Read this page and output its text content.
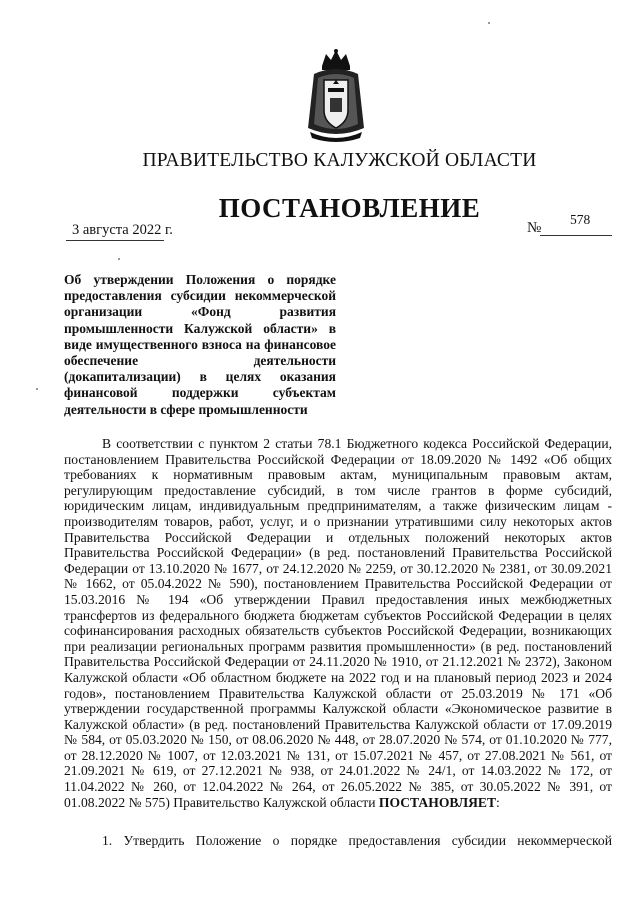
ПРАВИТЕЛЬСТВО КАЛУЖСКОЙ ОБЛАСТИ
ПОСТАНОВЛЕНИЕ
3 августа 2022 г.	№
578
Об утверждении Положения о порядке предоставления субсидии некоммерческой организации «Фонд развития промышленности Калужской области» в виде имущественного взноса на финансовое обеспечение деятельности (докапитализации) в целях оказания финансовой поддержки субъектам деятельности в сфере промышленности

В соответствии с пунктом 2 статьи 78.1 Бюджетного кодекса Российской Федерации, постановлением Правительства Российской Федерации от 18.09.2020 № 1492 «Об общих требованиях к нормативным правовым актам, муниципальным правовым актам, регулирующим предоставление субсидий, в том числе грантов в форме субсидий, юридическим лицам, индивидуальным предпринимателям, а также физическим лицам - производителям товаров, работ, услуг, и о признании утратившими силу некоторых актов Правительства Российской Федерации и отдельных положений некоторых актов Правительства Российской Федерации» (в ред. постановлений Правительства Российской Федерации от 13.10.2020 № 1677, от 24.12.2020 № 2259, от 30.12.2020 № 2381, от 30.09.2021 № 1662, от 05.04.2022 № 590), постановлением Правительства Российской Федерации от 15.03.2016 № 194 «Об утверждении Правил предоставления иных межбюджетных трансфертов из федерального бюджета бюджетам субъектов Российской Федерации в целях софинансирования расходных обязательств субъектов Российской Федерации, возникающих при реализации региональных программ развития промышленности» (в ред. постановлений Правительства Российской Федерации от 24.11.2020 № 1910, от 21.12.2021 № 2372), Законом Калужской области «Об областном бюджете на 2022 год и на плановый период 2023 и 2024 годов», постановлением Правительства Калужской области от 25.03.2019 № 171 «Об утверждении государственной программы Калужской области «Экономическое развитие в Калужской области» (в ред. постановлений Правительства Калужской области от 17.09.2019 № 584, от 05.03.2020 № 150, от 08.06.2020 № 448, от 28.07.2020 № 574, от 01.10.2020 № 777, от 28.12.2020 № 1007, от 12.03.2021 № 131, от 15.07.2021 № 457, от 27.08.2021 № 561, от 21.09.2021 № 619, от 27.12.2021 № 938, от 24.01.2022 № 24/1, от 14.03.2022 № 172, от 11.04.2022 № 260, от 12.04.2022 № 264, от 26.05.2022 № 385, от 30.05.2022 № 391, от 01.08.2022 № 575) Правительство Калужской области ПОСТАНОВЛЯЕТ:

1. Утвердить Положение о порядке предоставления субсидии некоммерческой
